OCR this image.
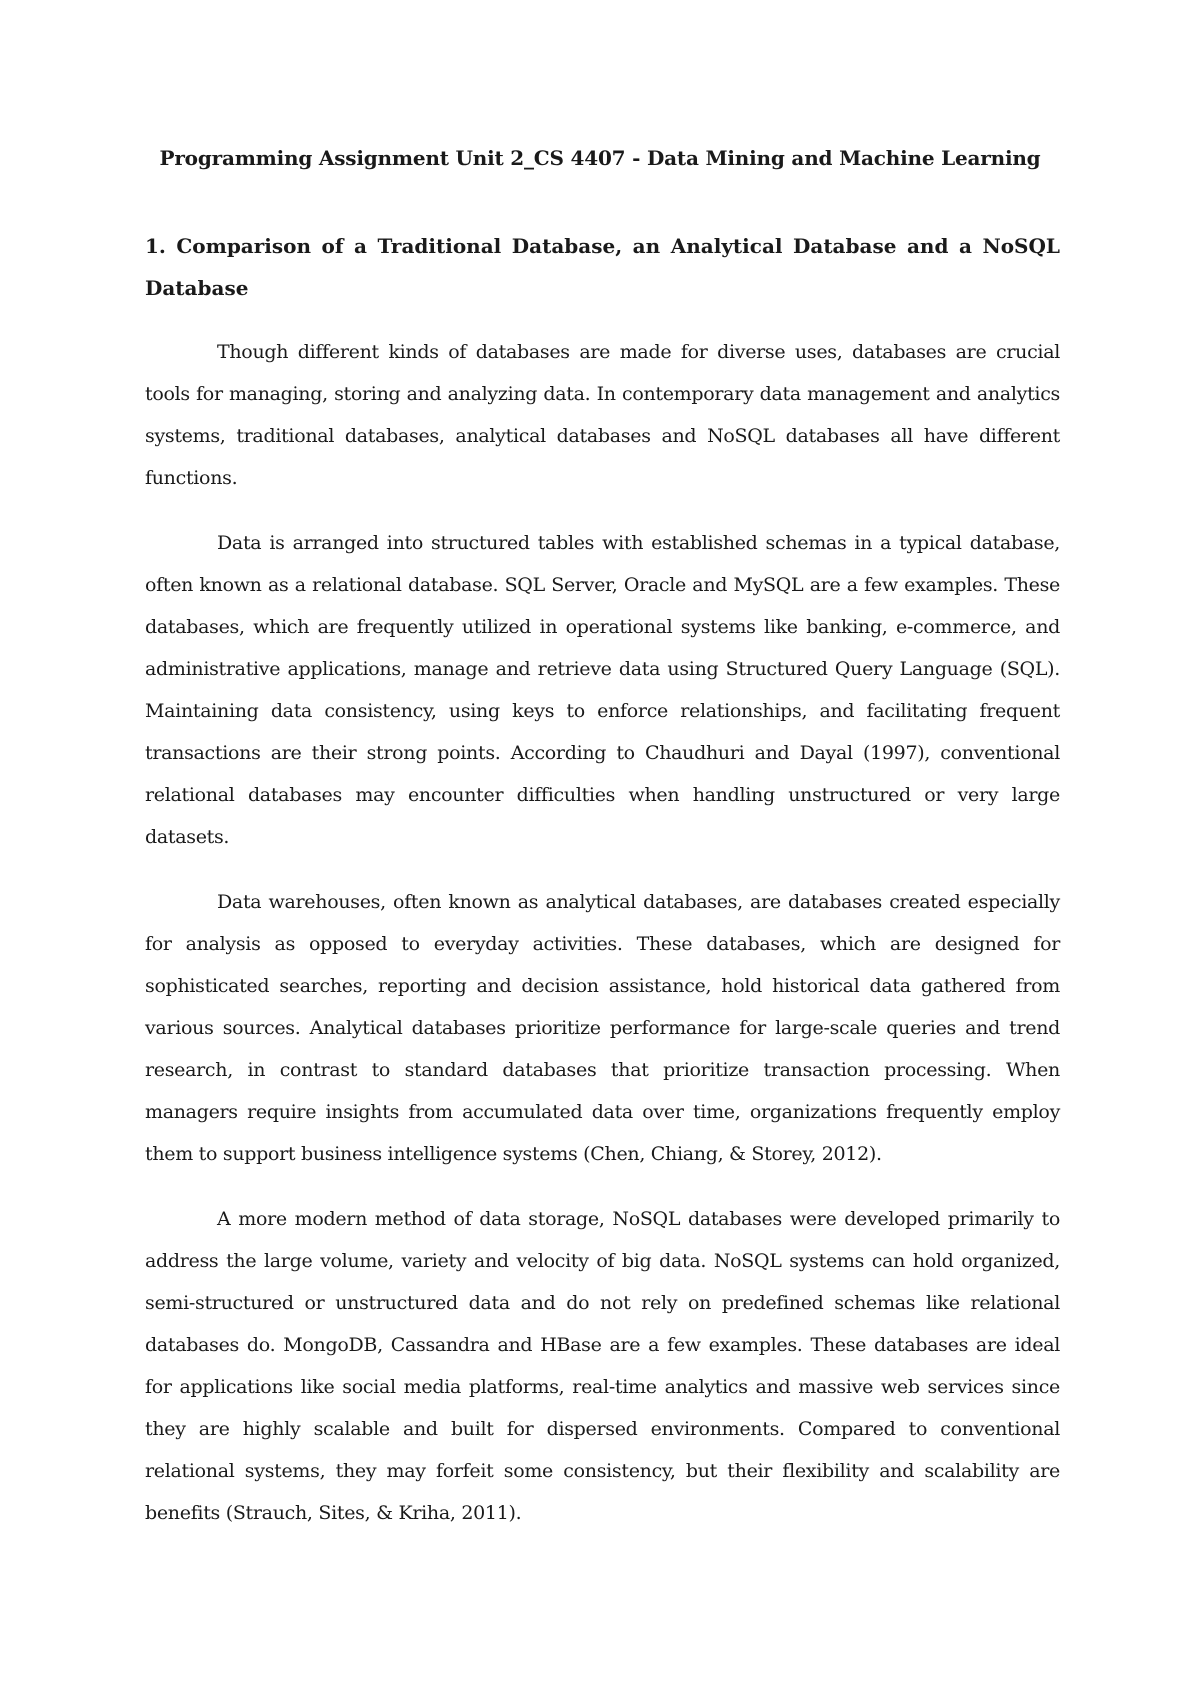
Programming Assignment Unit 2_CS 4407 - Data Mining and Machine Learning
1. Comparison of a Traditional Database, an Analytical Database and a NoSQL Database

Though different kinds of databases are made for diverse uses, databases are crucial tools for managing, storing and analyzing data. In contemporary data management and analytics systems, traditional databases, analytical databases and NoSQL databases all have different functions.

Data is arranged into structured tables with established schemas in a typical database, often known as a relational database. SQL Server, Oracle and MySQL are a few examples. These databases, which are frequently utilized in operational systems like banking, e-commerce, and administrative applications, manage and retrieve data using Structured Query Language (SQL). Maintaining data consistency, using keys to enforce relationships, and facilitating frequent transactions are their strong points. According to Chaudhuri and Dayal (1997), conventional relational databases may encounter difficulties when handling unstructured or very large datasets.

Data warehouses, often known as analytical databases, are databases created especially for analysis as opposed to everyday activities. These databases, which are designed for sophisticated searches, reporting and decision assistance, hold historical data gathered from various sources. Analytical databases prioritize performance for large-scale queries and trend research, in contrast to standard databases that prioritize transaction processing. When managers require insights from accumulated data over time, organizations frequently employ them to support business intelligence systems (Chen, Chiang, & Storey, 2012).

A more modern method of data storage, NoSQL databases were developed primarily to address the large volume, variety and velocity of big data. NoSQL systems can hold organized, semi-structured or unstructured data and do not rely on predefined schemas like relational databases do. MongoDB, Cassandra and HBase are a few examples. These databases are ideal for applications like social media platforms, real-time analytics and massive web services since they are highly scalable and built for dispersed environments. Compared to conventional relational systems, they may forfeit some consistency, but their flexibility and scalability are benefits (Strauch, Sites, & Kriha, 2011).
